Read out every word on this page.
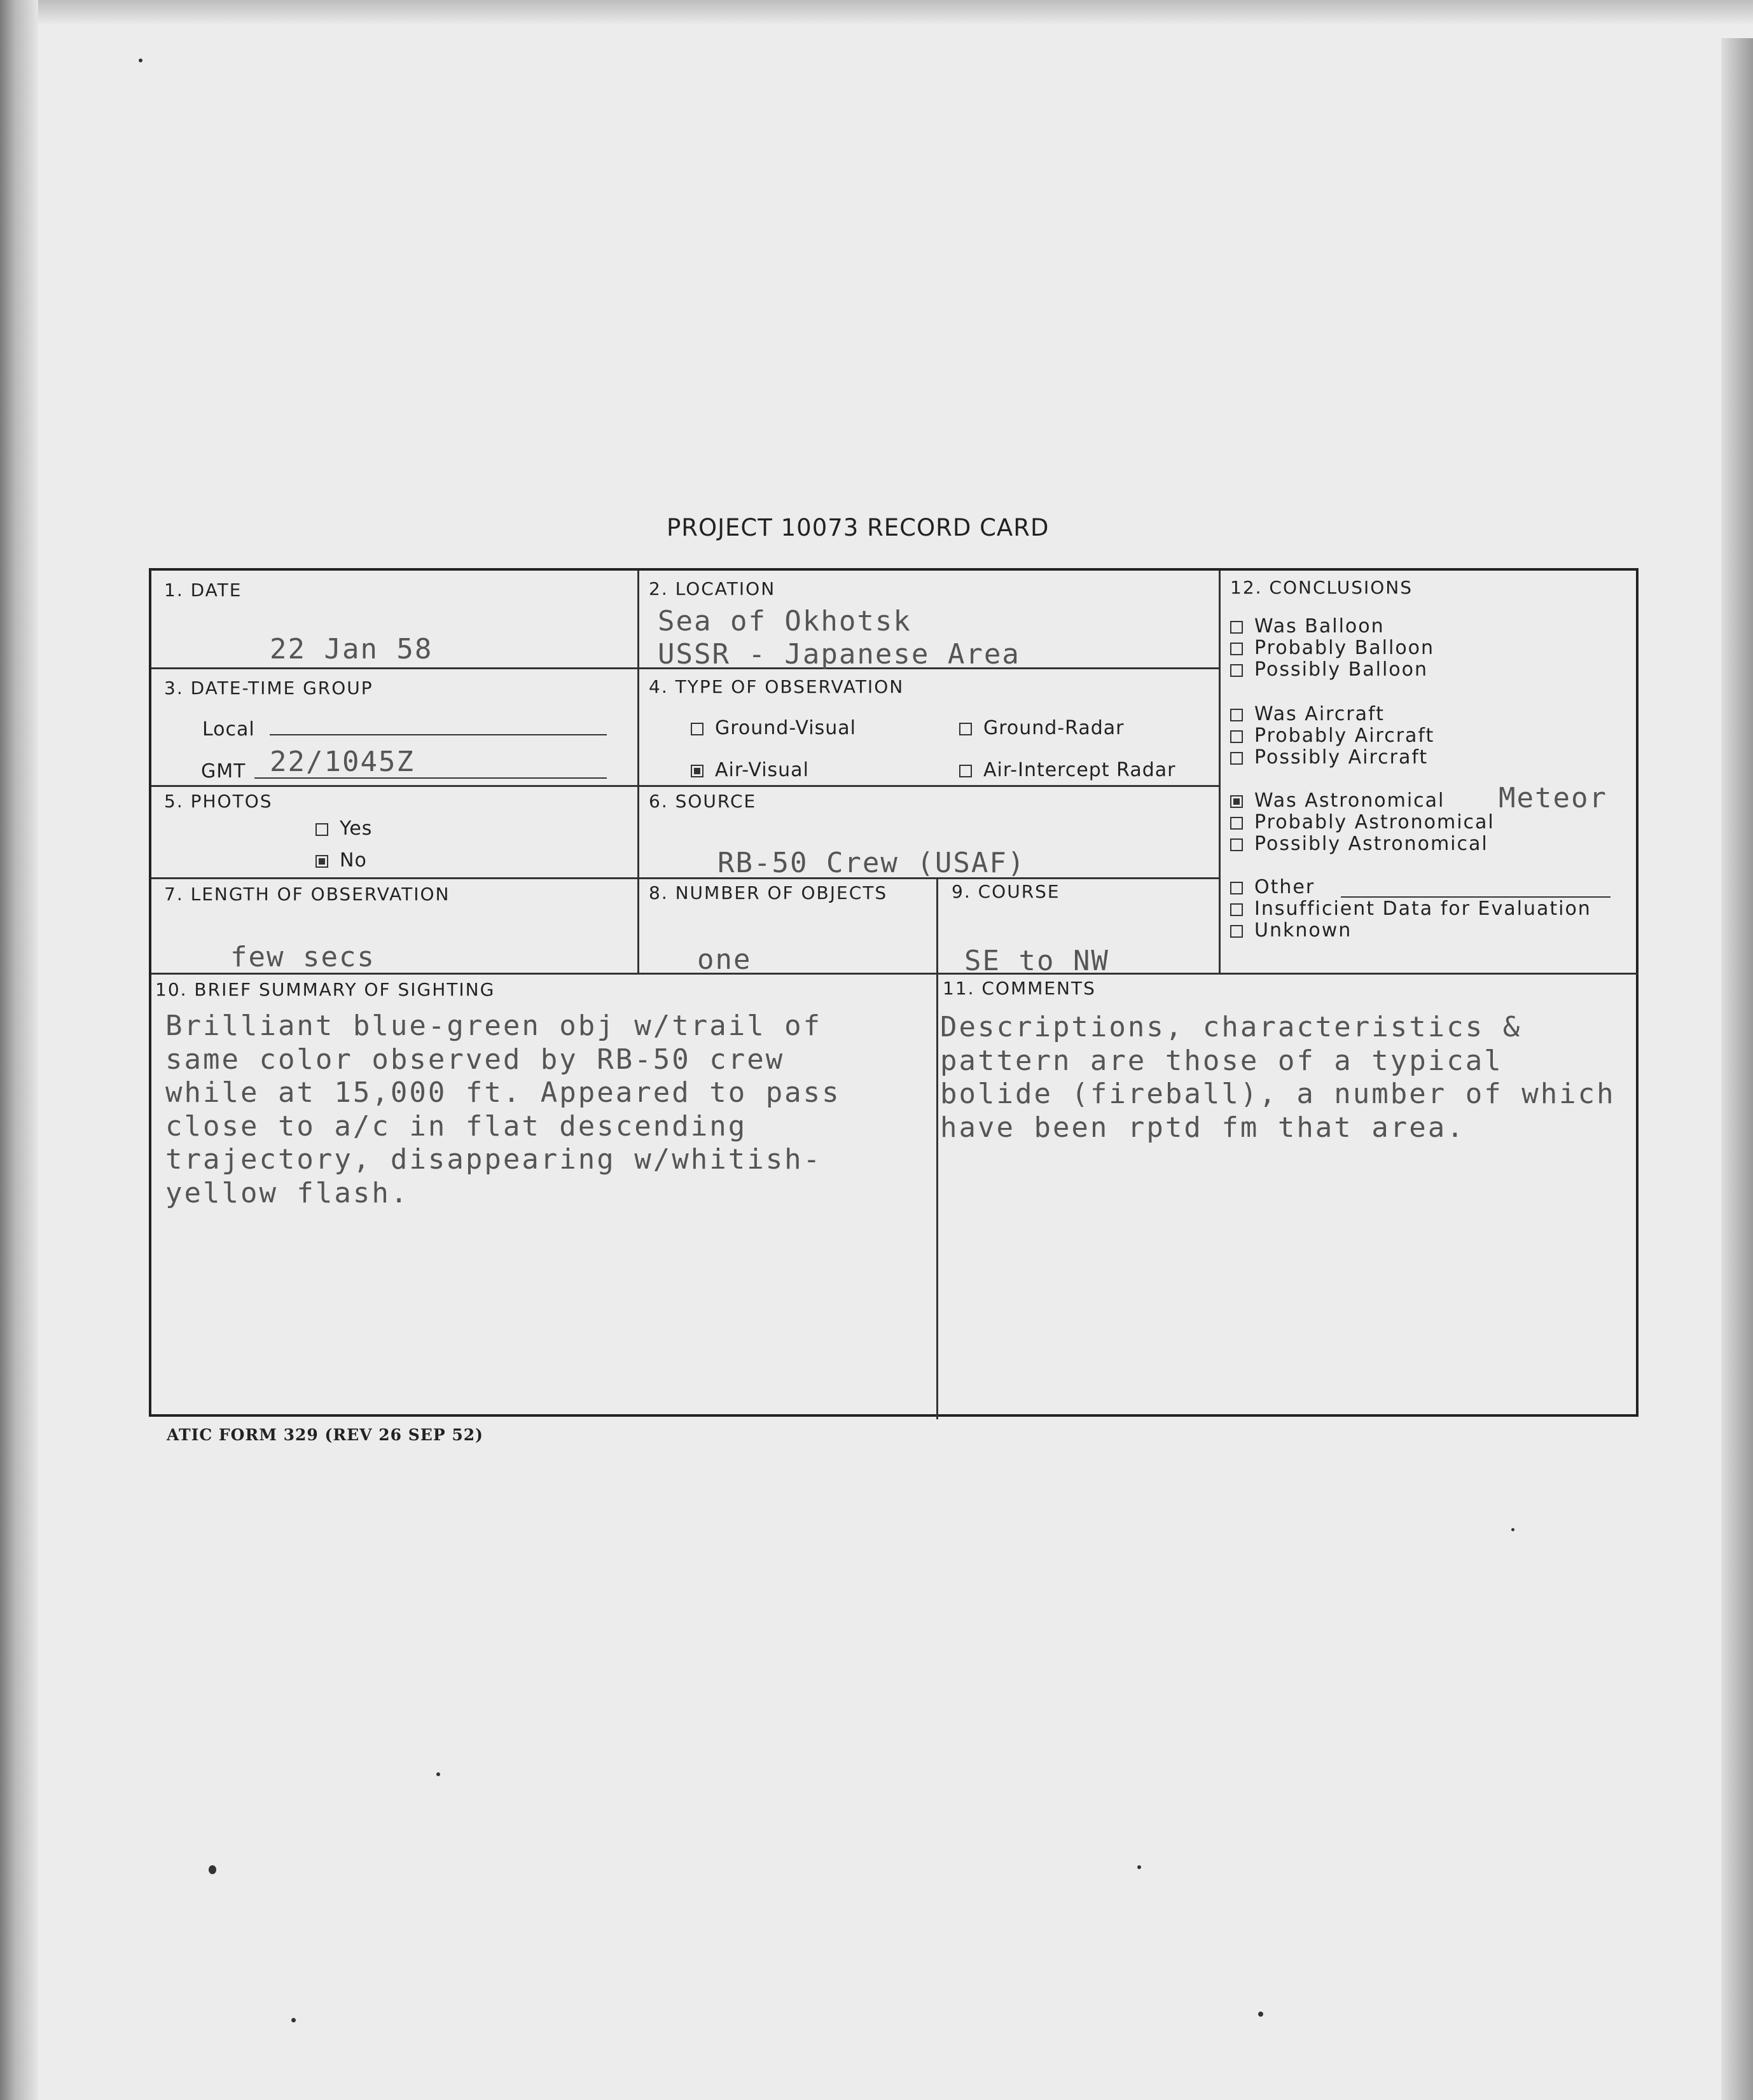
PROJECT 10073 RECORD CARD
1. DATE
22 Jan 58
2. LOCATION
Sea of Okhotsk
USSR - Japanese Area
3. DATE-TIME GROUP
Local
GMT 22/1045Z
4. TYPE OF OBSERVATION
Ground-Visual	Ground-Radar
Air-Visual	Air-Intercept Radar
5. PHOTOS
Yes
No
6. SOURCE
RB-50 Crew (USAF)
7. LENGTH OF OBSERVATION
few secs
8. NUMBER OF OBJECTS
one
9. COURSE
SE to NW
12. CONCLUSIONS
Was Balloon
Probably Balloon
Possibly Balloon
Was Aircraft
Probably Aircraft
Possibly Aircraft
Was Astronomical Meteor
Probably Astronomical
Possibly Astronomical
Other
Insufficient Data for Evaluation
Unknown
10. BRIEF SUMMARY OF SIGHTING
Brilliant blue-green obj w/trail of
same color observed by RB-50 crew
while at 15,000 ft. Appeared to pass
close to a/c in flat descending
trajectory, disappearing w/whitish-
yellow flash.
11. COMMENTS
Descriptions, characteristics &
pattern are those of a typical
bolide (fireball), a number of which
have been rptd fm that area.
ATIC FORM 329 (REV 26 SEP 52)
